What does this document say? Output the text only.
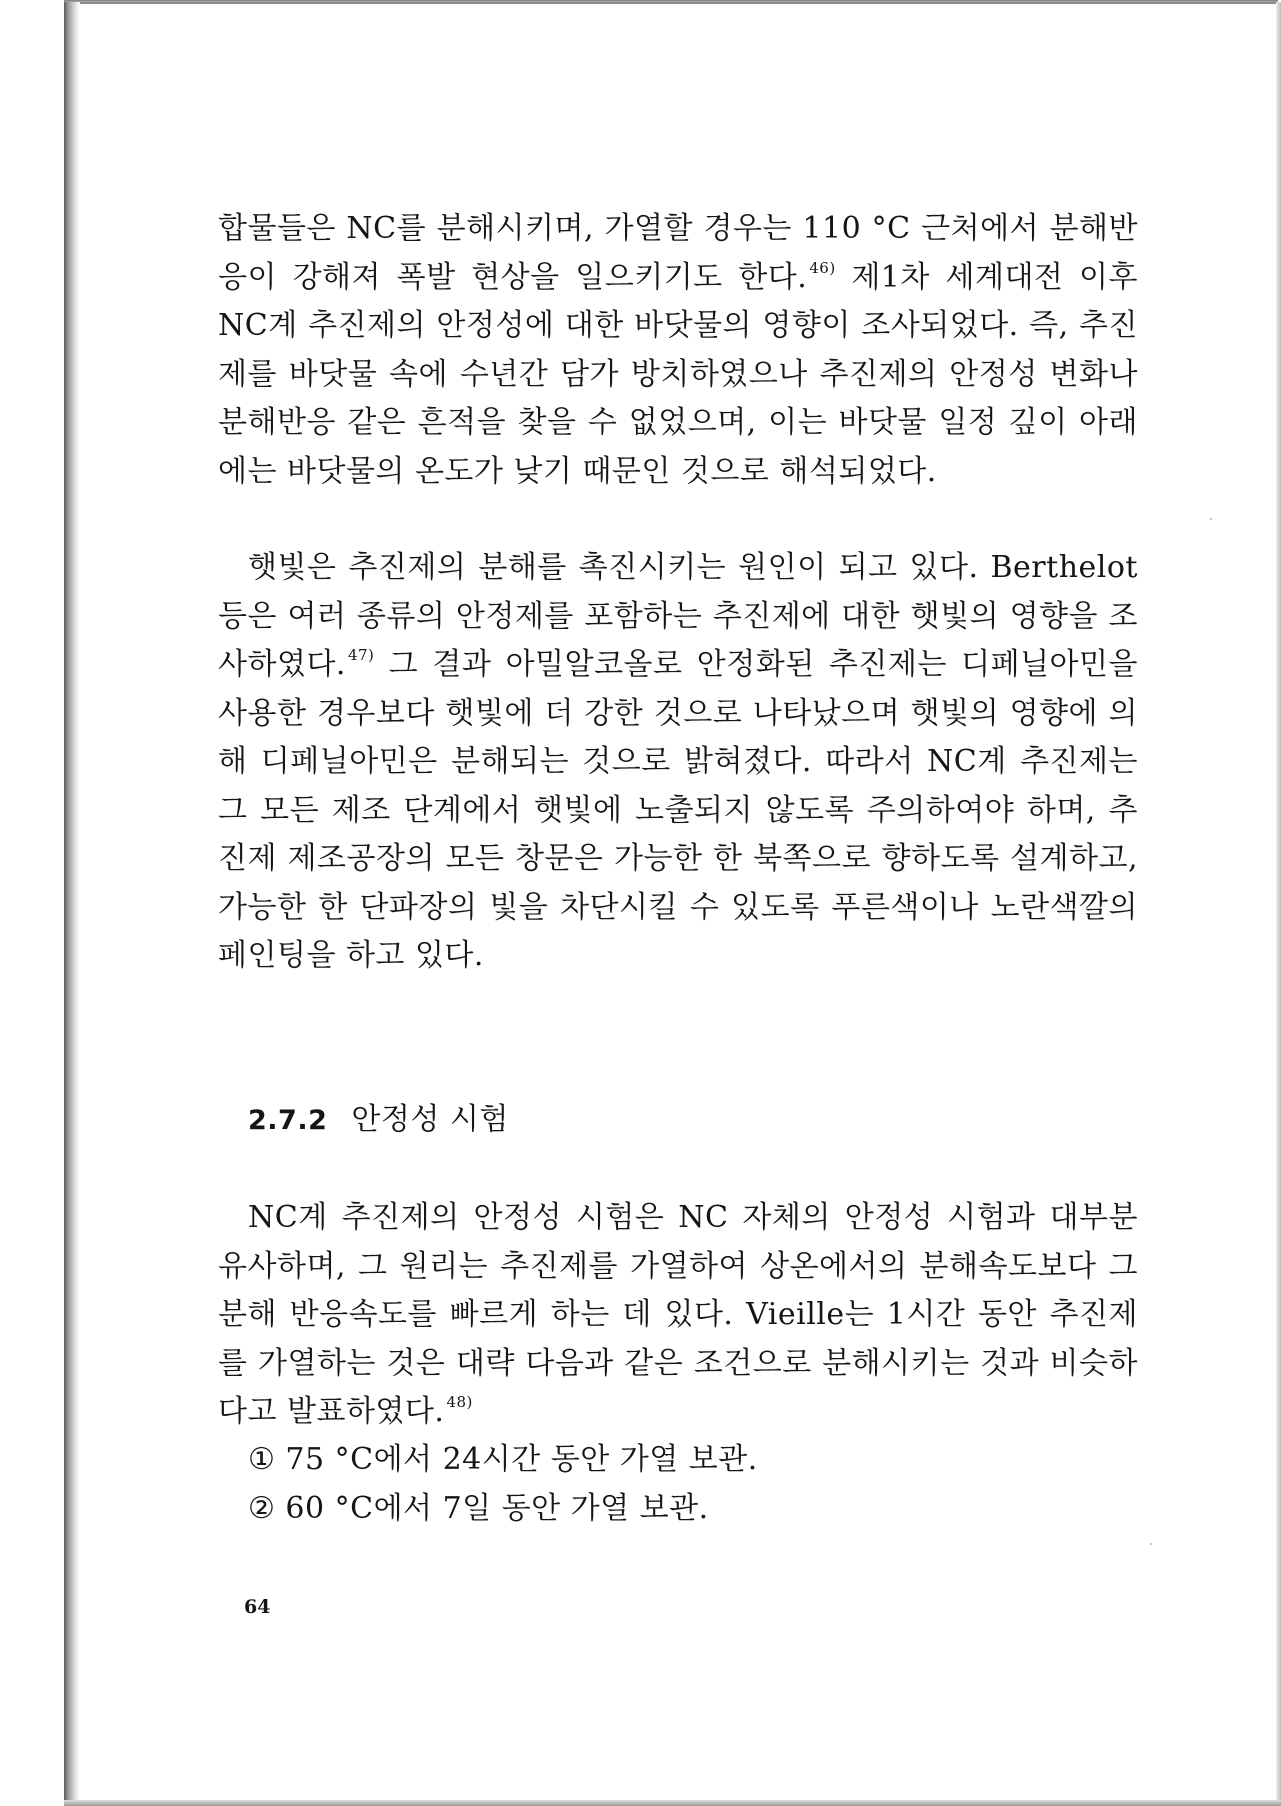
합물들은 NC를 분해시키며, 가열할 경우는 110 °C 근처에서 분해반응이 강해져 폭발 현상을 일으키기도 한다. $^{46)}$ 제1차 세계대전 이후 NC계 추진제의 안정성에 대한 바닷물의 영향이 조사되었다. 즉, 추진제를 바닷물 속에 수년간 담가 방치하였으나 추진제의 안정성 변화나 분해반응 같은 흔적을 찾을 수 없었으며, 이는 바닷물 일정 깊이 아래에는 바닷물의 온도가 낮기 때문인 것으로 해석되었다.

햇빛은 추진제의 분해를 촉진시키는 원인이 되고 있다. Berthelot 등은 여러 종류의 안정제를 포함하는 추진제에 대한 햇빛의 영향을 조사하였다. $^{47)}$ 그 결과 아밀알코올로 안정화된 추진제는 디페닐아민을 사용한 경우보다 햇빛에 더 강한 것으로 나타났으며 햇빛의 영향에 의해 디페닐아민은 분해되는 것으로 밝혀졌다. 따라서 NC계 추진제는 그 모든 제조 단계에서 햇빛에 노출되지 않도록 주의하여야 하며, 추진제 제조공장의 모든 창문은 가능한 한 북쪽으로 향하도록 설계하고, 가능한 한 단파장의 빛을 차단시킬 수 있도록 푸른색이나 노란색깔의 페인팅을 하고 있다.

2.7.2 안정성 시험

NC계 추진제의 안정성 시험은 NC 자체의 안정성 시험과 대부분 유사하며, 그 원리는 추진제를 가열하여 상온에서의 분해속도보다 그 분해 반응속도를 빠르게 하는 데 있다. Vieille는 1시간 동안 추진제를 가열하는 것은 대략 다음과 같은 조건으로 분해시키는 것과 비슷하다고 발표하였다. $^{48)}$

① 75 °C에서 24시간 동안 가열 보관.
② 60 °C에서 7일 동안 가열 보관.
64
